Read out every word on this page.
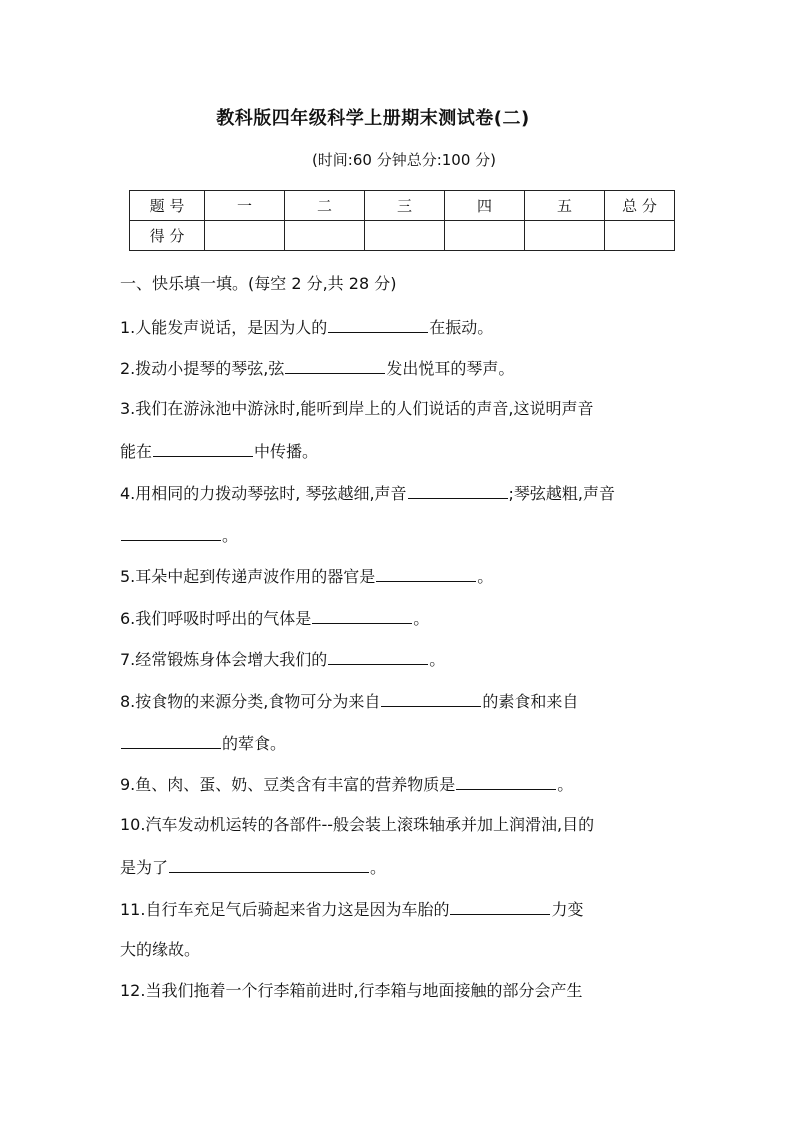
教科版四年级科学上册期末测试卷(二)
(时间:60 分钟总分:100 分)
题 号	一	二	三	四	五	总 分
得 分						
一、快乐填一填。(每空 2 分,共 28 分)
1.人能发声说话，是因为人的	在振动。
2.拨动小提琴的琴弦,弦	发出悦耳的琴声。
3.我们在游泳池中游泳时,能听到岸上的人们说话的声音,这说明声音
能在	中传播。
4.用相同的力拨动琴弦时, 琴弦越细,声音	;琴弦越粗,声音
。
5.耳朵中起到传递声波作用的器官是	。
6.我们呼吸时呼出的气体是	。
7.经常锻炼身体会增大我们的	。
8.按食物的来源分类,食物可分为来自	的素食和来自
的荤食。
9.鱼、肉、蛋、奶、豆类含有丰富的营养物质是	。
10.汽车发动机运转的各部件--般会装上滚珠轴承并加上润滑油,目的
是为了	。
11.自行车充足气后骑起来省力这是因为车胎的	力变
大的缘故。
12.当我们拖着一个行李箱前进时,行李箱与地面接触的部分会产生
